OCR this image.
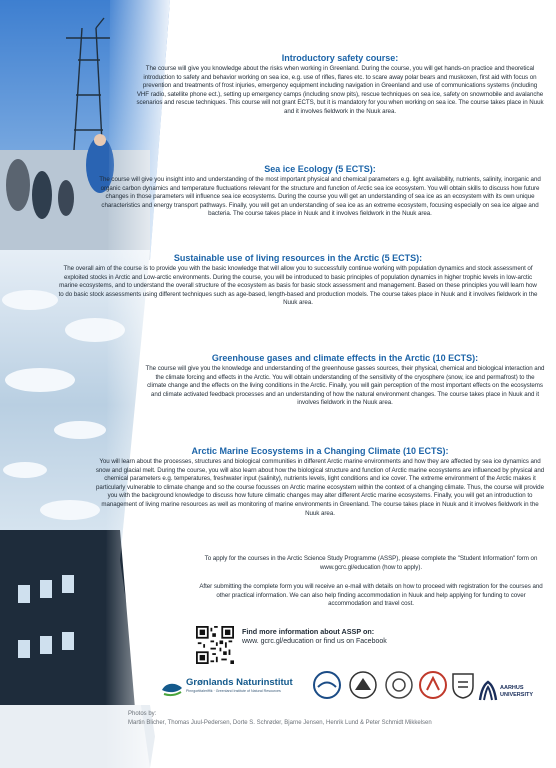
Introductory safety course:
The course will give you knowledge about the risks when working in Greenland. During the course, you will get hands-on practice and theoretical introduction to safety and behavior working on sea ice, e.g. use of rifles, flares etc. to scare away polar bears and muskoxen, first aid with focus on prevention and treatments of frost injuries, emergency equipment including navigation in Greenland and use of communications systems (including VHF radio, satellite phone ect.), setting up emergency camps (including snow pits), rescue techniques on sea ice, safety on snowmobile and avalanche scenarios and rescue techniques. This course will not grant ECTS, but it is mandatory for you when working on sea ice. The course takes place in Nuuk and it involves fieldwork in the Nuuk area.
Sea ice Ecology (5 ECTS):
The course will give you insight into and understanding of the most important physical and chemical parameters e.g. light availability, nutrients, salinity, inorganic and organic carbon dynamics and temperature fluctuations relevant for the structure and function of Arctic sea ice ecosystem. You will obtain skills to discuss how future changes in those parameters will influence sea ice ecosystems. During the course you will get an understanding of sea ice as an ecosystem with its own unique characteristics and energy transport pathways. Finally, you will get an understanding of sea ice as an extreme ecosystem, focusing especially on sea ice algae and bacteria. The course takes place in Nuuk and it involves fieldwork in the Nuuk area.
Sustainable use of living resources in the Arctic (5 ECTS):
The overall aim of the course is to provide you with the basic knowledge that will allow you to successfully continue working with population dynamics and stock assessment of exploited stocks in Arctic and Low-arctic environments. During the course, you will be introduced to basic principles of population dynamics in higher trophic levels in low-arctic marine ecosystems, and to understand the overall structure of the ecosystem as basis for basic stock assessment and management. Based on these principles you will learn how to do basic stock assessments using different techniques such as age-based, length-based and production models. The course takes place in Nuuk and it involves fieldwork in the Nuuk area.
Greenhouse gases and climate effects in the Arctic (10 ECTS):
The course will give you the knowledge and understanding of the greenhouse gasses sources, their physical, chemical and biological interaction and the climate forcing and effects in the Arctic. You will obtain understanding of the sensitivity of the cryosphere (snow, ice and permafrost) to the climate change and the effects on the living conditions in the Arctic. Finally, you will gain perception of the most important effects on the ecosystems and climate activated feedback processes and an understanding of how the natural environment changes. The course takes place in Nuuk and it involves fieldwork in the Nuuk area.
Arctic Marine Ecosystems in a Changing Climate (10 ECTS):
You will learn about the processes, structures and biological communities in different Arctic marine environments and how they are affected by sea ice dynamics and snow and glacial melt. During the course, you will also learn about how the biological structure and function of Arctic marine ecosystems are influenced by physical and chemical parameters e.g. temperatures, freshwater input (salinity), nutrients levels, light conditions and ice cover. The extreme environment of the Arctic makes it particularly vulnerable to climate change and so the course focusses on Arctic marine ecosystem within the context of a changing climate. Thus, the course will provide you with the background knowledge to discuss how future climatic changes may alter different Arctic marine ecosystems. Finally, you will get an introduction to management of living marine resources as well as monitoring of marine environments in Greenland. The course takes place in Nuuk and it involves fieldwork in the Nuuk area.
To apply for the courses in the Arctic Science Study Programme (ASSP), please complete the "Student Information" form on www.gcrc.gl/education (how to apply).
After submitting the complete form you will receive an e-mail with details on how to proceed with registration for the courses and other practical information. We can also help finding accommodation in Nuuk and help applying for funding to cover accommodation and travel cost.
Find more information about ASSP on:
www. gcrc.gl/education or find us on Facebook
Grønlands Naturinstitut
Pinngortitaleriffik · Greenland Institute of Natural Resources	AARHUS UNIVERSITY
Photos by:
Martin Blicher, Thomas Juul-Pedersen, Dorte S. Schrøder, Bjarne Jensen, Henrik Lund & Peter Schmidt Mikkelsen
